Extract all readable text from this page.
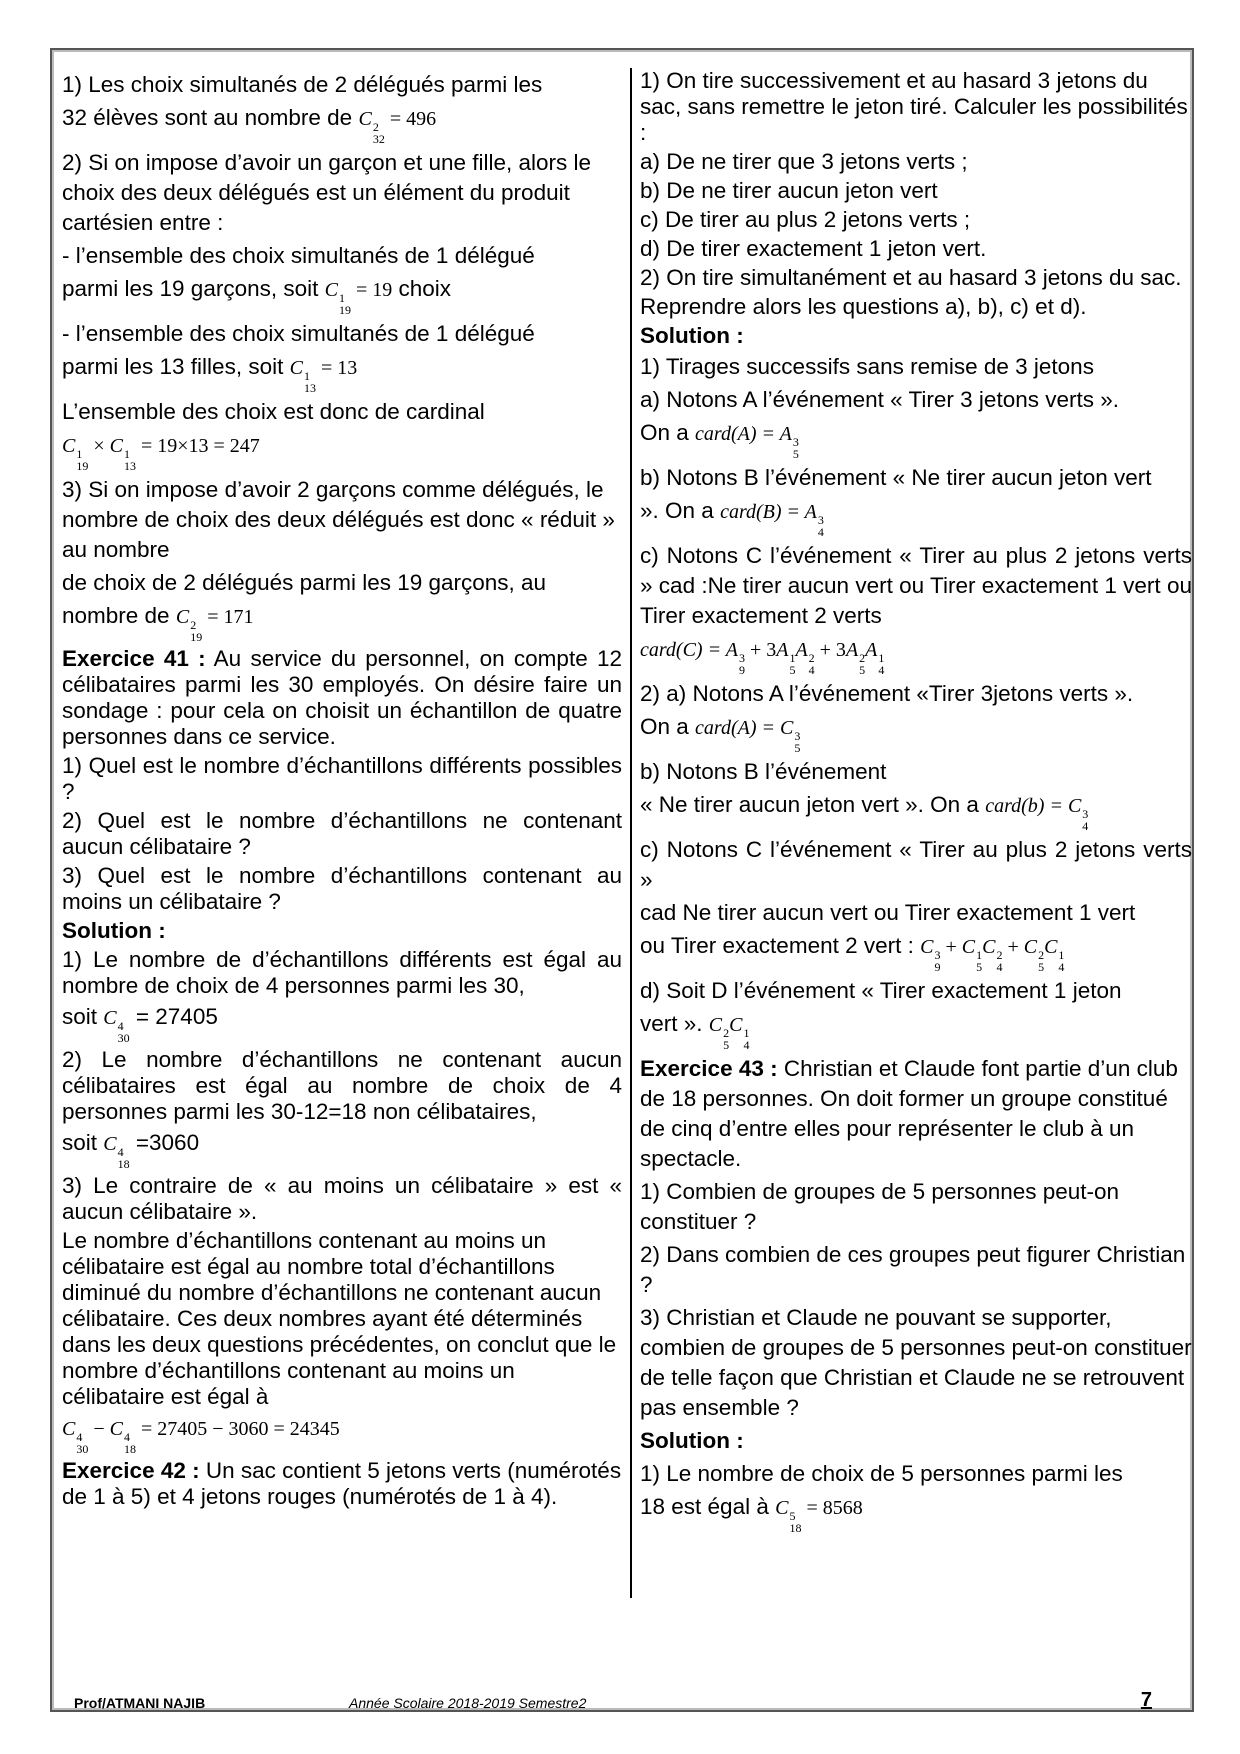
1) Les choix simultanés de 2 délégués parmi les
32 élèves sont au nombre de C 2
32
= 496
2) Si on impose d’avoir un garçon et une fille, alors le choix des deux délégués est un élément du produit cartésien entre :
- l’ensemble des choix simultanés de 1 délégué
parmi les 19 garçons, soit C 1
19
= 19 choix
- l’ensemble des choix simultanés de 1 délégué
parmi les 13 filles, soit C 1
13
= 13
L’ensemble des choix est donc de cardinal
C 1
19
× C 1
13
= 19×13 = 247
3) Si on impose d’avoir 2 garçons comme délégués, le nombre de choix des deux délégués est donc « réduit » au nombre
de choix de 2 délégués parmi les 19 garçons, au
nombre de C 2
19
= 171
Exercice 41 : Au service du personnel, on compte 12 célibataires parmi les 30 employés. On désire faire un sondage : pour cela on choisit un échantillon de quatre personnes dans ce service.
1) Quel est le nombre d’échantillons différents possibles ?
2) Quel est le nombre d’échantillons ne contenant aucun célibataire ?
3) Quel est le nombre d’échantillons contenant au moins un célibataire ?
Solution :
1) Le nombre de d’échantillons différents est égal au nombre de choix de 4 personnes parmi les 30,
soit C 4
30
= 27405
2) Le nombre d’échantillons ne contenant aucun célibataires est égal au nombre de choix de 4 personnes parmi les 30-12=18 non célibataires,
soit C 4
18
=3060
3) Le contraire de « au moins un célibataire » est « aucun célibataire ».
Le nombre d’échantillons contenant au moins un célibataire est égal au nombre total d’échantillons diminué du nombre d’échantillons ne contenant aucun célibataire. Ces deux nombres ayant été déterminés dans les deux questions précédentes, on conclut que le nombre d’échantillons contenant au moins un célibataire est égal à
C 4
30
− C 4
18
= 27405 − 3060 = 24345
Exercice 42 : Un sac contient 5 jetons verts (numérotés de 1 à 5) et 4 jetons rouges (numérotés de 1 à 4).
1) On tire successivement et au hasard 3 jetons du sac, sans remettre le jeton tiré. Calculer les possibilités :
a) De ne tirer que 3 jetons verts ;
b) De ne tirer aucun jeton vert
c) De tirer au plus 2 jetons verts ;
d) De tirer exactement 1 jeton vert.
2) On tire simultanément et au hasard 3 jetons du sac.
Reprendre alors les questions a), b), c) et d).
Solution :
1) Tirages successifs sans remise de 3 jetons
a) Notons A l’événement « Tirer 3 jetons verts ».
On a card(A) = A 3
5
b) Notons B l’événement « Ne tirer aucun jeton vert
». On a card(B) = A 3
4
c) Notons C l’événement « Tirer au plus 2 jetons verts » cad :Ne tirer aucun vert ou Tirer exactement 1 vert ou Tirer exactement 2 verts
card(C) = A 3
9
+ 3A 1
5
A 2
4
+ 3A 2
5
A 1
4
2) a) Notons A l’événement «Tirer 3jetons verts ».
On a card(A) = C 3
5
b) Notons B l’événement
« Ne tirer aucun jeton vert ». On a card(b) = C 3
4
c) Notons C l’événement « Tirer au plus 2 jetons verts »
cad Ne tirer aucun vert ou Tirer exactement 1 vert
ou Tirer exactement 2 vert : C 3
9
+ C 1
5
C 2
4
+ C 2
5
C 1
4
d) Soit D l’événement « Tirer exactement 1 jeton
vert ». C 2
5
C 1
4
Exercice 43 : Christian et Claude font partie d’un club de 18 personnes. On doit former un groupe constitué de cinq d’entre elles pour représenter le club à un spectacle.
1) Combien de groupes de 5 personnes peut-on constituer ?
2) Dans combien de ces groupes peut figurer Christian ?
3) Christian et Claude ne pouvant se supporter, combien de groupes de 5 personnes peut-on constituer de telle façon que Christian et Claude ne se retrouvent pas ensemble ?
Solution :
1) Le nombre de choix de 5 personnes parmi les
18 est égal à C 5
18
= 8568
Prof/ATMANI NAJIB	Année Scolaire 2018-2019 Semestre2	7
